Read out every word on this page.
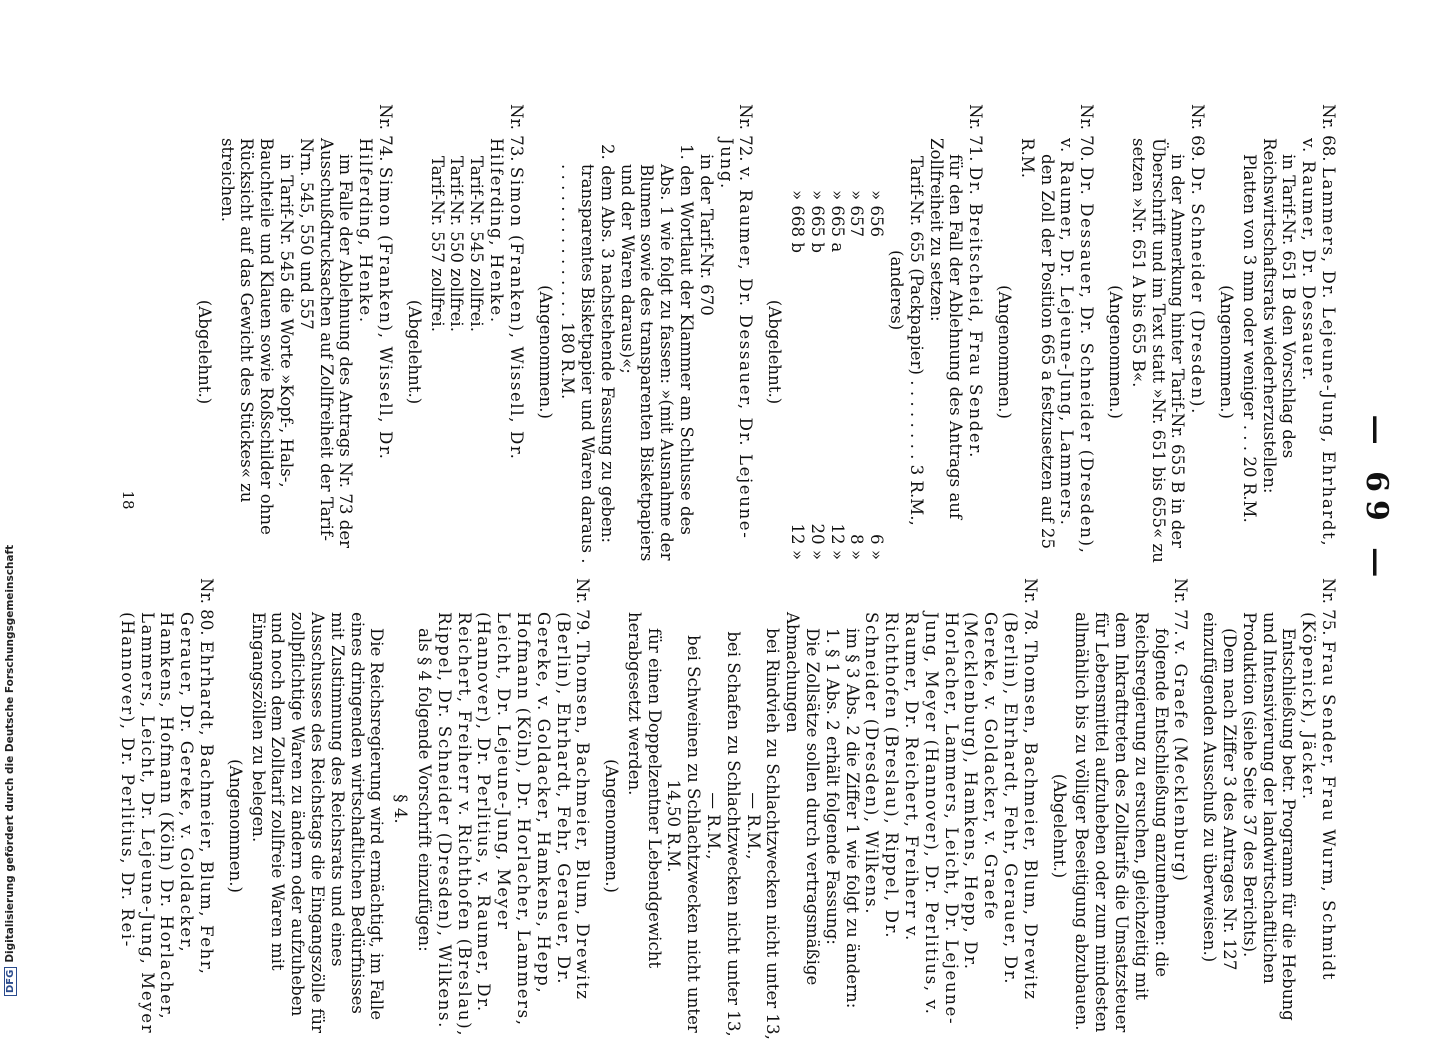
— 69 —
Nr. 68. Lammers, Dr. Lejeune-Jung, Ehrhardt, v. Raumer, Dr. Dessauer.

in Tarif-Nr. 651 B den Vorschlag des Reichswirtschaftsrats wiederherzustellen:

Platten von 3 mm oder weniger . . . 20 R.M.

(Angenommen.)
Nr. 69. Dr. Schneider (Dresden).

in der Anmerkung hinter Tarif-Nr. 655 B in der Überschrift und im Text statt »Nr. 651 bis 655« zu setzen »Nr. 651 A bis 655 B«.

(Angenommen.)
Nr. 70. Dr. Dessauer, Dr. Schneider (Dresden), v. Raumer, Dr. Lejeune-Jung, Lammers.

den Zoll der Position 665 a festzusetzen auf 25 R.M.

(Angenommen.)
Nr. 71. Dr. Breitscheid, Frau Sender.

für den Fall der Ablehnung des Antrags auf Zollfreiheit zu setzen:

Tarif-Nr. 655 (Packpapier) . . . . . . . . 3 R.M.,
(anderes)
» 656
6 »
» 657
8 »
» 665 a
12 »
» 665 b
20 »
» 668 b
12 »
(Abgelehnt.)
Nr. 72. v. Raumer, Dr. Dessauer, Dr. Lejeune-Jung.

in der Tarif-Nr. 670

1. den Wortlaut der Klammer am Schlusse des Abs. 1 wie folgt zu fassen: »(mit Ausnahme der Blumen sowie des transparenten Bisketpapiers und der Waren daraus)«;
2. dem Abs. 3 nachstehende Fassung zu geben: transparentes Bisketpapier und Waren daraus . . . . . . . . . . . . . . . . 180 R.M.
(Angenommen.)
Nr. 73. Simon (Franken), Wissell, Dr. Hilferding, Henke.
Tarif-Nr. 545 zollfrei.
Tarif-Nr. 550 zollfrei.
Tarif-Nr. 557 zollfrei.
(Abgelehnt.)
Nr. 74. Simon (Franken), Wissell, Dr. Hilferding, Henke.

im Falle der Ablehnung des Antrags Nr. 73 der Ausschußdrucksachen auf Zollfreiheit der Tarif-Nrn. 545, 550 und 557

in Tarif-Nr. 545 die Worte »Kopf-, Hals-, Bauchteile und Klauen sowie Roßschilder ohne Rücksicht auf das Gewicht des Stückes« zu streichen.

(Abgelehnt.)
Nr. 75. Frau Sender, Frau Wurm, Schmidt (Köpenick), Jäcker.

Entschließung betr. Programm für die Hebung und Intensivierung der landwirtschaftlichen Produktion (siehe Seite 37 des Berichts).

(Dem nach Ziffer 3 des Antrages Nr. 127 einzufügenden Ausschuß zu überweisen.)

Nr. 77. v. Graefe (Mecklenburg)

folgende Entschließung anzunehmen: die Reichsregierung zu ersuchen, gleichzeitig mit dem Inkrafttreten des Zolltarifs die Umsatzsteuer für Lebensmittel aufzuheben oder zum mindesten allmählich bis zu völliger Beseitigung abzubauen.

(Abgelehnt.)
Nr. 78. Thomsen, Bachmeier, Blum, Drewitz (Berlin), Ehrhardt, Fehr, Gerauer, Dr. Gereke, v. Goldacker, v. Graefe (Mecklenburg), Hamkens, Hepp, Dr. Horlacher, Lammers, Leicht, Dr. Lejeune-Jung, Meyer (Hannover), Dr. Perlitius, v. Raumer, Dr. Reichert, Freiherr v. Richthofen (Breslau), Rippel, Dr. Schneider (Dresden), Wilkens.

im § 3 Abs. 2 die Ziffer 1 wie folgt zu ändern:

1. § 1 Abs. 2 erhält folgende Fassung:

Die Zollsätze sollen durch vertragsmäßige Abmachungen

bei Rindvieh zu Schlachtzwecken nicht unter 13,— R.M.,

bei Schafen zu Schlachtzwecken nicht unter 13,— R.M.,

bei Schweinen zu Schlachtzwecken nicht unter 14,50 R.M.

für einen Doppelzentner Lebendgewicht herabgesetzt werden.

(Angenommen.)
Nr. 79. Thomsen, Bachmeier, Blum, Drewitz (Berlin), Ehrhardt, Fehr, Gerauer, Dr. Gereke, v. Goldacker, Hamkens, Hepp, Hofmann (Köln), Dr. Horlacher, Lammers, Leicht, Dr. Lejeune-Jung, Meyer (Hannover), Dr. Perlitius, v. Raumer, Dr. Reichert, Freiherr v. Richthofen (Breslau), Rippel, Dr. Schneider (Dresden), Wilkens.

als § 4 folgende Vorschrift einzufügen:

§ 4.

Die Reichsregierung wird ermächtigt, im Falle eines dringenden wirtschaftlichen Bedürfnisses mit Zustimmung des Reichsrats und eines Ausschusses des Reichstags die Eingangszölle für zollpflichtige Waren zu ändern oder aufzuheben und noch dem Zolltarif zollfreie Waren mit Eingangszöllen zu belegen.

(Angenommen.)
Nr. 80. Ehrhardt, Bachmeier, Blum, Fehr, Gerauer, Dr. Gereke, v. Goldacker, Hamkens, Hofmann (Köln) Dr. Horlacher, Lammers, Leicht, Dr. Lejeune-Jung, Meyer (Hannover), Dr. Perlitius, Dr. Rei-
18
DFGDigitalisierung gefördert durch die Deutsche Forschungsgemeinschaft
